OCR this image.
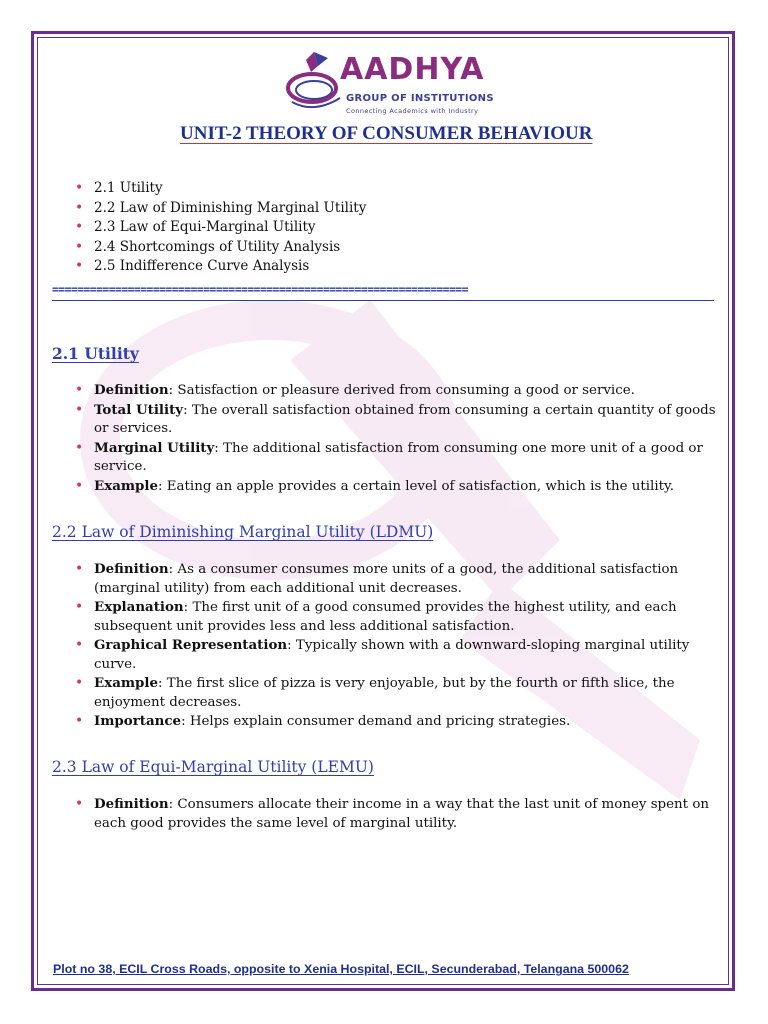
AADHYA
GROUP OF INSTITUTIONS
Connecting Academics with Industry
UNIT-2 THEORY OF CONSUMER BEHAVIOUR
• 2.1 Utility
• 2.2 Law of Diminishing Marginal Utility
• 2.3 Law of Equi-Marginal Utility
• 2.4 Shortcomings of Utility Analysis
• 2.5 Indifference Curve Analysis
==================================================================
2.1 Utility
• Definition: Satisfaction or pleasure derived from consuming a good or service.
• Total Utility: The overall satisfaction obtained from consuming a certain quantity of goods or services.
• Marginal Utility: The additional satisfaction from consuming one more unit of a good or service.
• Example: Eating an apple provides a certain level of satisfaction, which is the utility.
2.2 Law of Diminishing Marginal Utility (LDMU)
• Definition: As a consumer consumes more units of a good, the additional satisfaction (marginal utility) from each additional unit decreases.
• Explanation: The first unit of a good consumed provides the highest utility, and each subsequent unit provides less and less additional satisfaction.
• Graphical Representation: Typically shown with a downward-sloping marginal utility curve.
• Example: The first slice of pizza is very enjoyable, but by the fourth or fifth slice, the enjoyment decreases.
• Importance: Helps explain consumer demand and pricing strategies.
2.3 Law of Equi-Marginal Utility (LEMU)
• Definition: Consumers allocate their income in a way that the last unit of money spent on each good provides the same level of marginal utility.
Plot no 38, ECIL Cross Roads, opposite to Xenia Hospital, ECIL, Secunderabad, Telangana 500062
